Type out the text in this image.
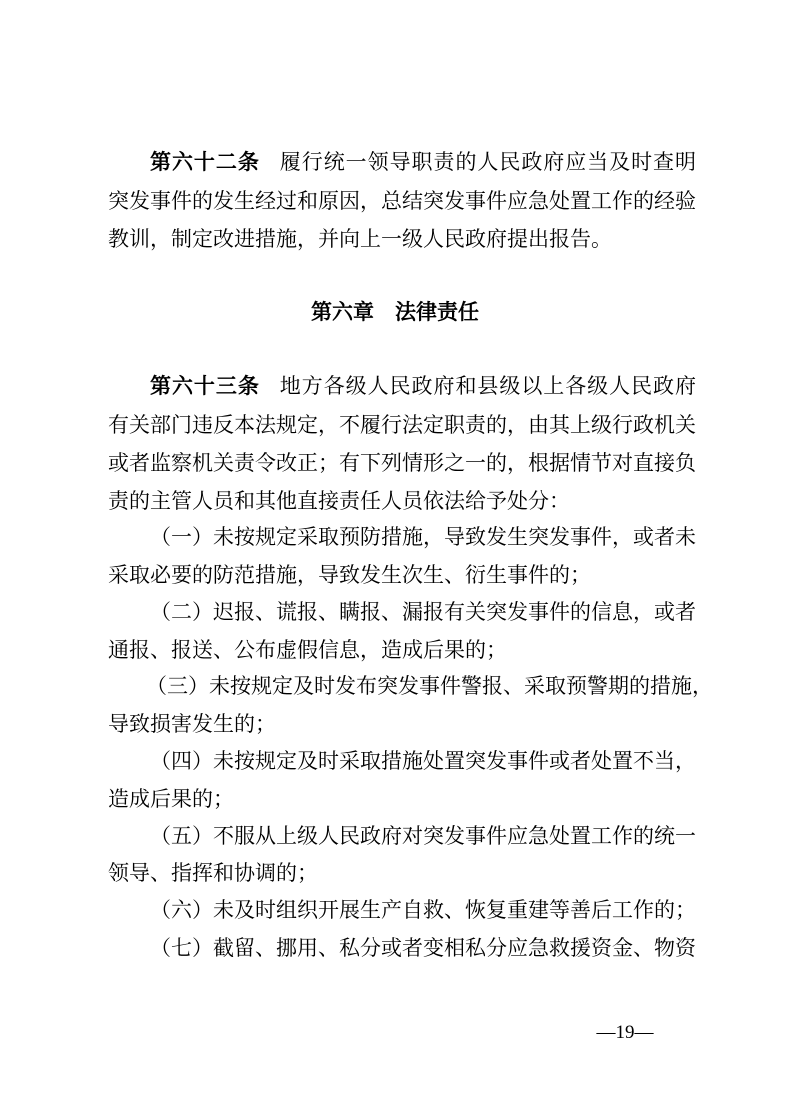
第六十二条 履行统一领导职责的人民政府应当及时查明
突发事件的发生经过和原因，总结突发事件应急处置工作的经验
教训，制定改进措施，并向上一级人民政府提出报告。
第六章　法律责任
第六十三条 地方各级人民政府和县级以上各级人民政府
有关部门违反本法规定，不履行法定职责的，由其上级行政机关
或者监察机关责令改正；有下列情形之一的，根据情节对直接负
责的主管人员和其他直接责任人员依法给予处分：
（一）未按规定采取预防措施，导致发生突发事件，或者未
采取必要的防范措施，导致发生次生、衍生事件的；
（二）迟报、谎报、瞒报、漏报有关突发事件的信息，或者
通报、报送、公布虚假信息，造成后果的；
（三）未按规定及时发布突发事件警报、采取预警期的措施，
导致损害发生的；
（四）未按规定及时采取措施处置突发事件或者处置不当，
造成后果的；
（五）不服从上级人民政府对突发事件应急处置工作的统一
领导、指挥和协调的；
（六）未及时组织开展生产自救、恢复重建等善后工作的；
（七）截留、挪用、私分或者变相私分应急救援资金、物资
—19—
